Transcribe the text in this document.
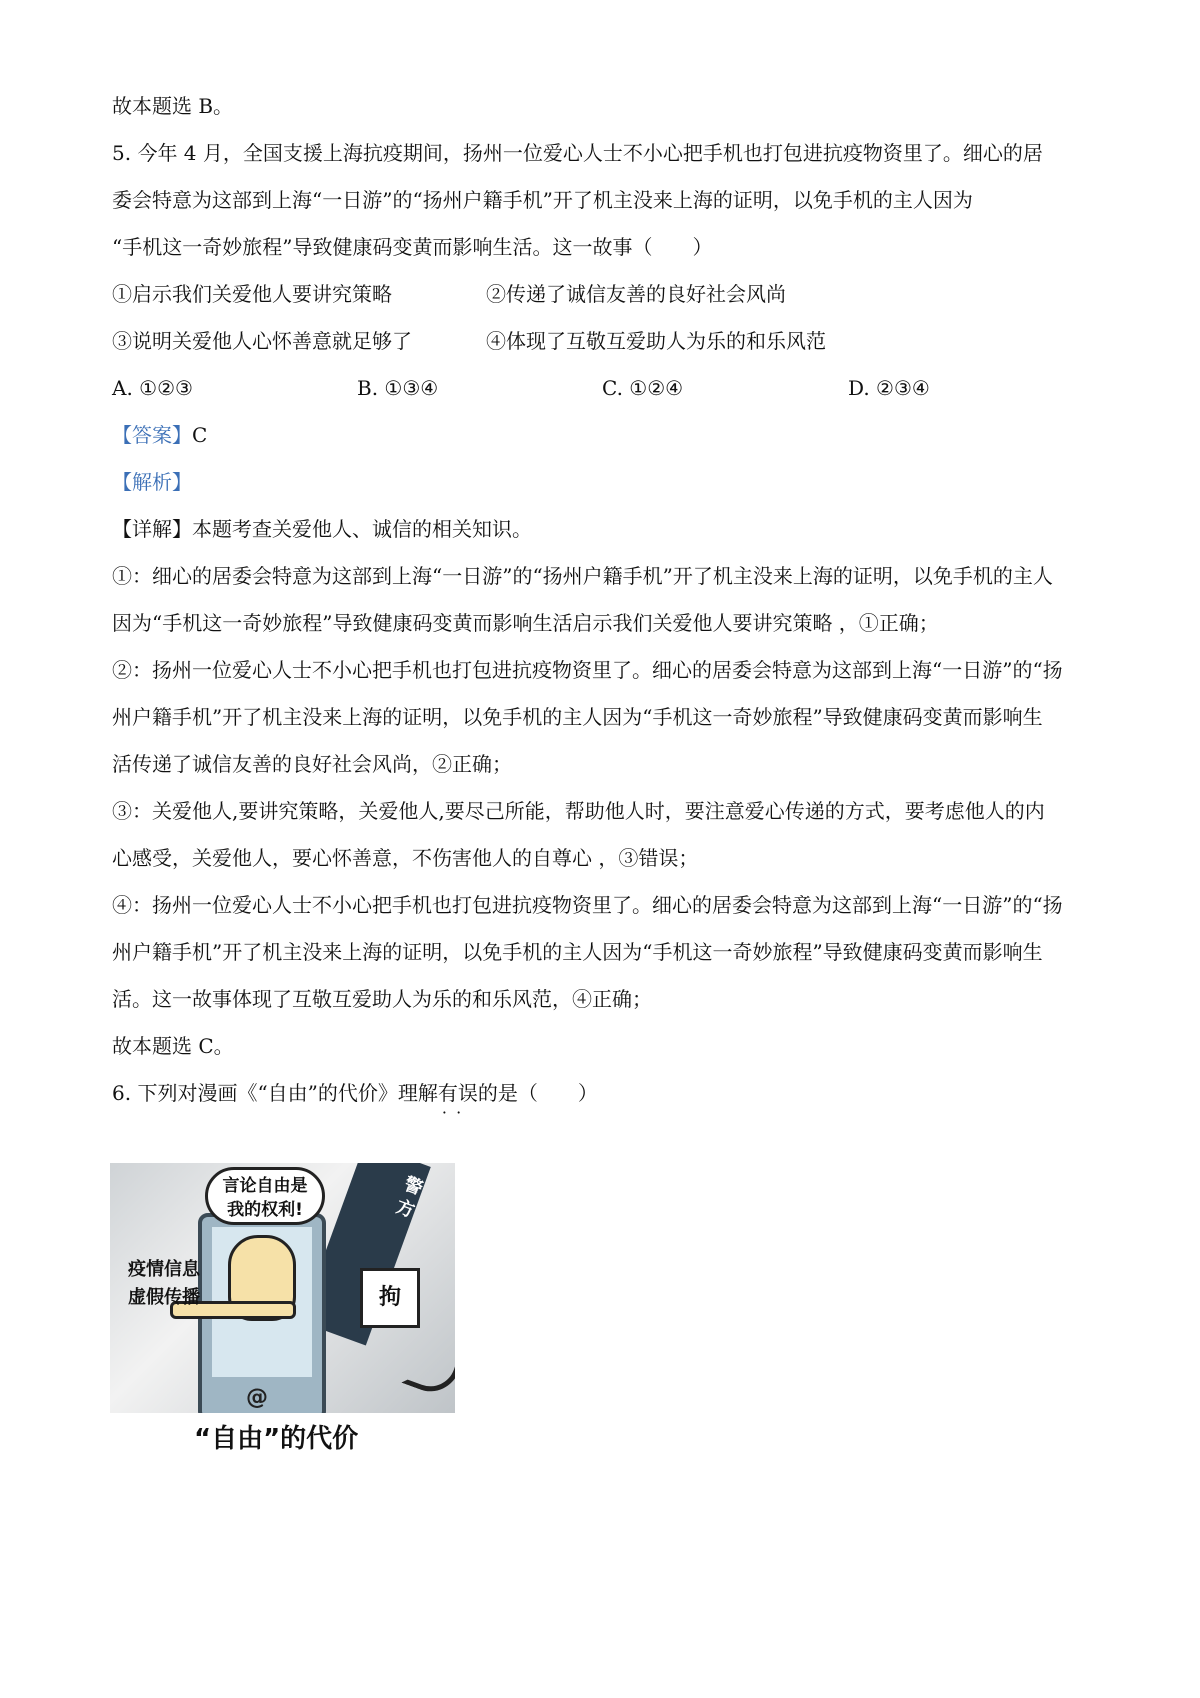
故本题选 B。
5. 今年 4 月，全国支援上海抗疫期间，扬州一位爱心人士不小心把手机也打包进抗疫物资里了。细心的居
委会特意为这部到上海“一日游”的“扬州户籍手机”开了机主没来上海的证明，以免手机的主人因为
“手机这一奇妙旅程”导致健康码变黄而影响生活。这一故事（　　）
①启示我们关爱他人要讲究策略	②传递了诚信友善的良好社会风尚
③说明关爱他人心怀善意就足够了	④体现了互敬互爱助人为乐的和乐风范
A. ①②③	B. ①③④	C. ①②④	D. ②③④
【答案】C
【解析】
【详解】本题考查关爱他人、诚信的相关知识。
①：细心的居委会特意为这部到上海“一日游”的“扬州户籍手机”开了机主没来上海的证明，以免手机的主人
因为“手机这一奇妙旅程”导致健康码变黄而影响生活启示我们关爱他人要讲究策略 ，①正确；
②：扬州一位爱心人士不小心把手机也打包进抗疫物资里了。细心的居委会特意为这部到上海“一日游”的“扬
州户籍手机”开了机主没来上海的证明，以免手机的主人因为“手机这一奇妙旅程”导致健康码变黄而影响生
活传递了诚信友善的良好社会风尚，②正确；
③：关爱他人,要讲究策略，关爱他人,要尽己所能，帮助他人时，要注意爱心传递的方式，要考虑他人的内
心感受，关爱他人，要心怀善意，不伤害他人的自尊心 ，③错误；
④：扬州一位爱心人士不小心把手机也打包进抗疫物资里了。细心的居委会特意为这部到上海“一日游”的“扬
州户籍手机”开了机主没来上海的证明，以免手机的主人因为“手机这一奇妙旅程”导致健康码变黄而影响生
活。这一故事体现了互敬互爱助人为乐的和乐风范，④正确；
故本题选 C。
6. 下列对漫画《“自由”的代价》理解有误 · ·的是（　　）
警方
@
疫情信息
虚假传播
言论自由是
我的权利!
拘
“自由”的代价
